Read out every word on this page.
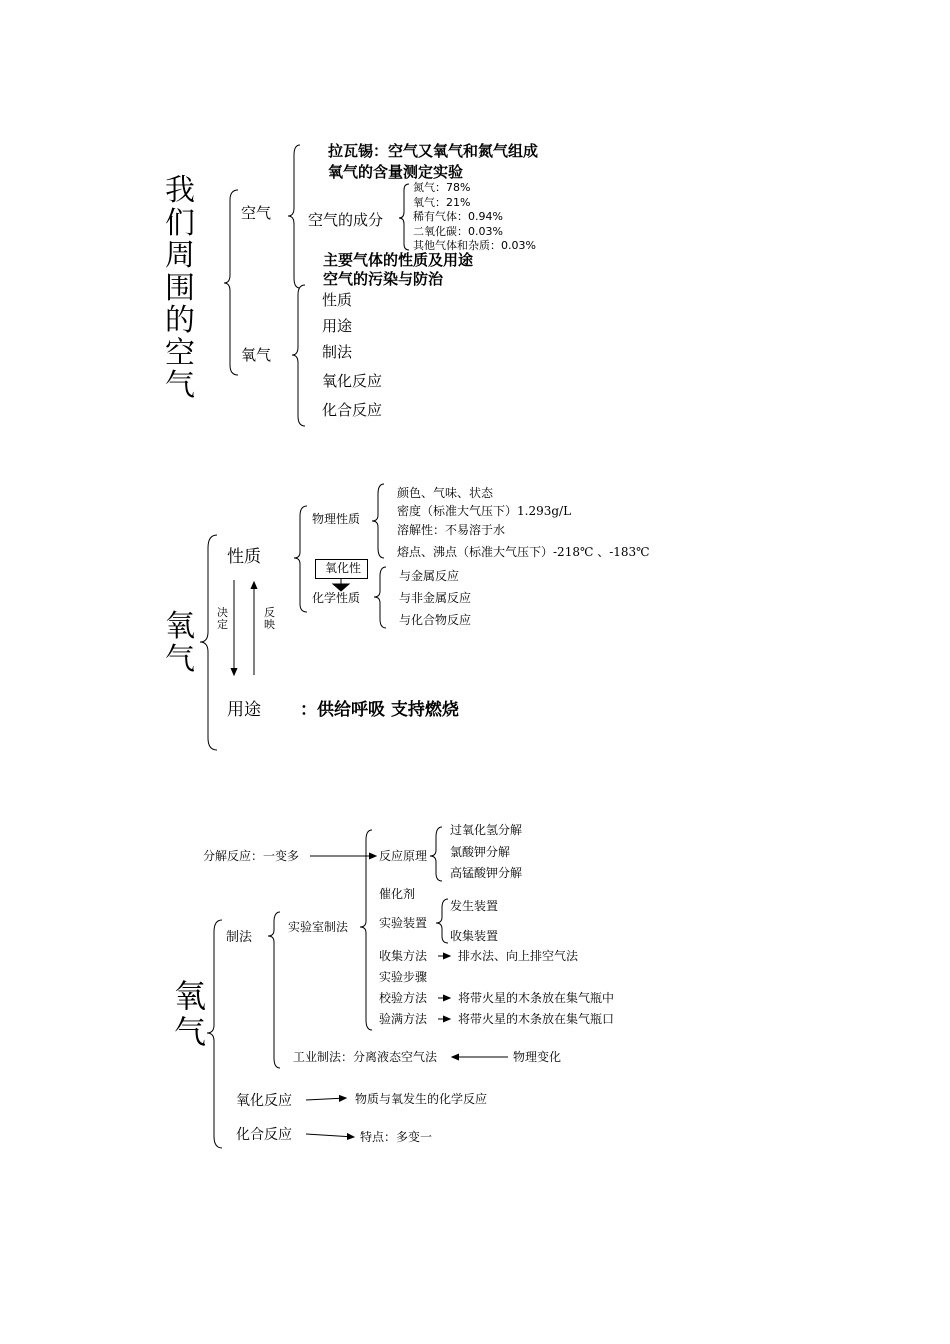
我们周围的空气
空气
拉瓦锡：空气又氧气和氮气组成
氧气的含量测定实验
空气的成分
氮气：78%
氧气：21%
稀有气体：0.94%
二氧化碳：0.03%
其他气体和杂质：0.03%
主要气体的性质及用途
空气的污染与防治
氧气
性质
用途
制法
氧化反应
化合反应
氧气
性质
物理性质
颜色、气味、状态
密度（标准大气压下）1.293g/L
溶解性：不易溶于水
熔点、沸点（标准大气压下）-218℃ 、-183℃
氧化性
化学性质
与金属反应
与非金属反应
与化合物反应
决定
反映
用途 ：供给呼吸 支持燃烧
氧气
分解反应：一变多
制法
实验室制法
反应原理
过氧化氢分解
氯酸钾分解
高锰酸钾分解
催化剂
实验装置
发生装置
收集装置
收集方法	排水法、向上排空气法
实验步骤
校验方法	将带火星的木条放在集气瓶中
验满方法	将带火星的木条放在集气瓶口
工业制法：分离液态空气法	物理变化
氧化反应	物质与氧发生的化学反应
化合反应	特点：多变一
